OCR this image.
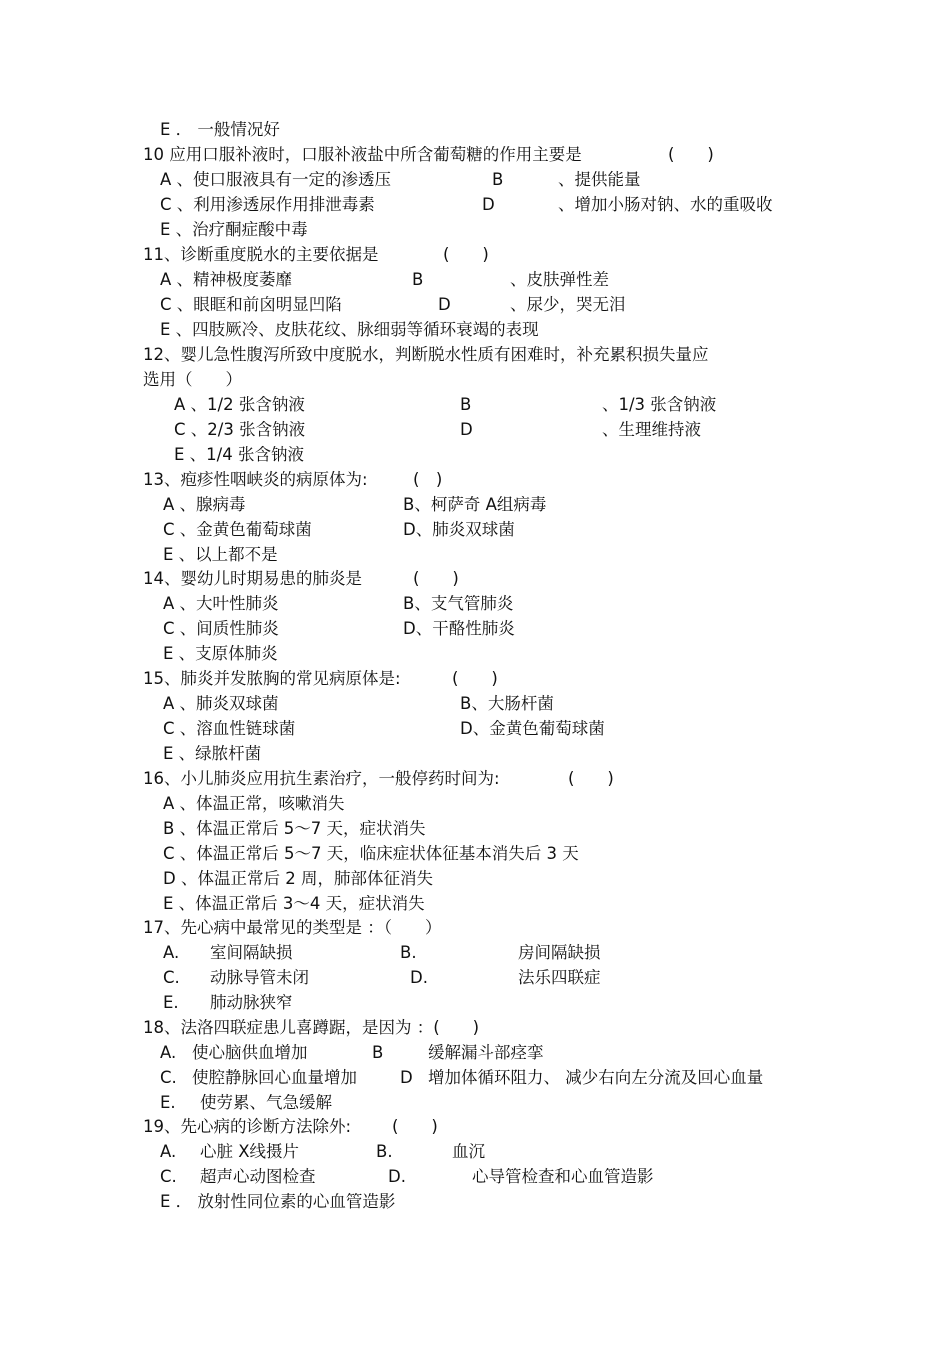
E ． 一般情况好
10 应用口服补液时，口服补液盐中所含葡萄糖的作用主要是	(　　)
A 、使口服液具有一定的渗透压	B	、提供能量
C 、利用渗透尿作用排泄毒素	D	、增加小肠对钠、水的重吸收
E 、治疗酮症酸中毒
11、诊断重度脱水的主要依据是	(　　)
A 、精神极度萎靡	B	、皮肤弹性差
C 、眼眶和前囟明显凹陷	D	、尿少，哭无泪
E 、四肢厥冷、皮肤花纹、脉细弱等循环衰竭的表现
12、婴儿急性腹泻所致中度脱水，判断脱水性质有困难时，补充累积损失量应
选用（　　）
A 、1/2 张含钠液	B	、1/3 张含钠液
C 、2/3 张含钠液	D	、生理维持液
E 、1/4 张含钠液
13、疱疹性咽峡炎的病原体为:	(　)
A 、腺病毒	B、柯萨奇 A组病毒
C 、金黄色葡萄球菌	D、肺炎双球菌
E 、以上都不是
14、婴幼儿时期易患的肺炎是	(　　)
A 、大叶性肺炎	B、支气管肺炎
C 、间质性肺炎	D、干酪性肺炎
E 、支原体肺炎
15、肺炎并发脓胸的常见病原体是:	(　　)
A 、肺炎双球菌	B、大肠杆菌
C 、溶血性链球菌	D、金黄色葡萄球菌
E 、绿脓杆菌
16、小儿肺炎应用抗生素治疗，一般停药时间为:	(　　)
A 、体温正常，咳嗽消失
B 、体温正常后 5～7 天，症状消失
C 、体温正常后 5～7 天，临床症状体征基本消失后 3 天
D 、体温正常后 2 周，肺部体征消失
E 、体温正常后 3～4 天，症状消失
17、先心病中最常见的类型是 ：（　　）
A. 室间隔缺损	B.	房间隔缺损
C. 动脉导管未闭	D.	法乐四联症
E. 肺动脉狭窄
18、法洛四联症患儿喜蹲踞，是因为 ：(　　)
A. 使心脑供血增加	B	缓解漏斗部痉挛
C. 使腔静脉回心血量增加	D 增加体循环阻力、 减少右向左分流及回心血量
E. 使劳累、气急缓解
19、先心病的诊断方法除外: (　　)
A. 心脏 X线摄片	B.	血沉
C. 超声心动图检查	D.	心导管检查和心血管造影
E ． 放射性同位素的心血管造影
